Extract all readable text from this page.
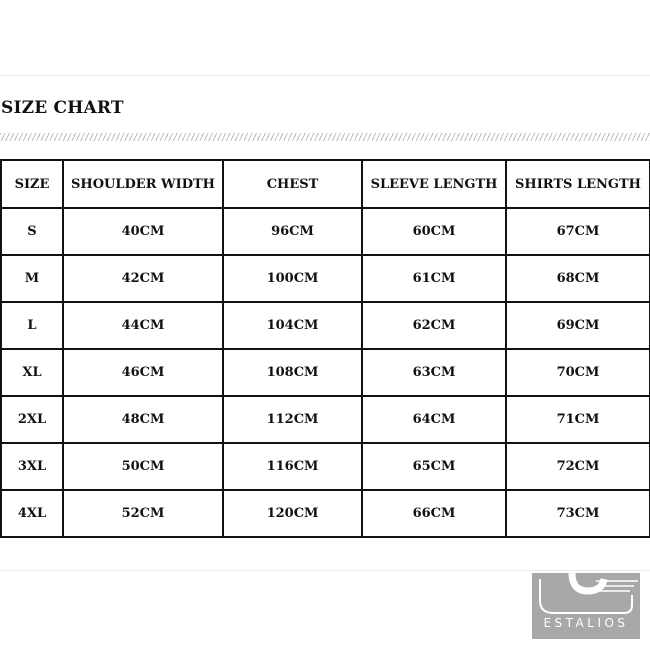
SIZE CHART
SIZE	SHOULDER WIDTH	CHEST	SLEEVE LENGTH	SHIRTS LENGTH
S	40CM	96CM	60CM	67CM
M	42CM	100CM	61CM	68CM
L	44CM	104CM	62CM	69CM
XL	46CM	108CM	63CM	70CM
2XL	48CM	112CM	64CM	71CM
3XL	50CM	116CM	65CM	72CM
4XL	52CM	120CM	66CM	73CM
ESTALIOS
